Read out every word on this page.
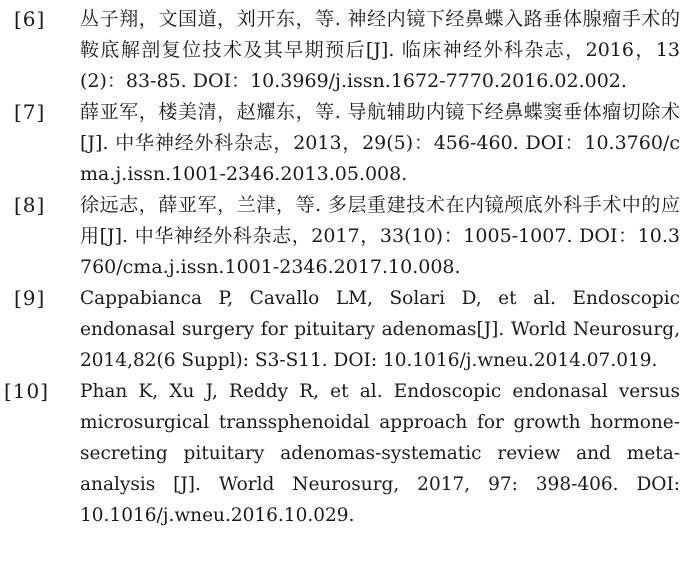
[6]	丛子翔，文国道，刘开东，等. 神经内镜下经鼻蝶入路垂体腺瘤手术的鞍底解剖复位技术及其早期预后[J]. 临床神经外科杂志，2016，13(2)：83-85. DOI：10.3969/j.issn.1672-7770.2016.02.002.
[7]	薛亚军，楼美清，赵耀东，等. 导航辅助内镜下经鼻蝶窦垂体瘤切除术[J]. 中华神经外科杂志，2013，29(5)：456-460. DOI：10.3760/cma.j.issn.1001-2346.2013.05.008.
[8]	徐远志，薛亚军，兰津，等. 多层重建技术在内镜颅底外科手术中的应用[J]. 中华神经外科杂志，2017，33(10)：1005-1007. DOI：10.3760/cma.j.issn.1001-2346.2017.10.008.
[9]	Cappabianca P, Cavallo LM, Solari D, et al. Endoscopic endonasal surgery for pituitary adenomas[J]. World Neurosurg, 2014,82(6 Suppl): S3-S11. DOI: 10.1016/j.wneu.2014.07.019.
[10]	Phan K, Xu J, Reddy R, et al. Endoscopic endonasal versus microsurgical transsphenoidal approach for growth hormone-secreting pituitary adenomas-systematic review and meta-analysis [J]. World Neurosurg, 2017, 97: 398-406. DOI: 10.1016/j.wneu.2016.10.029.
